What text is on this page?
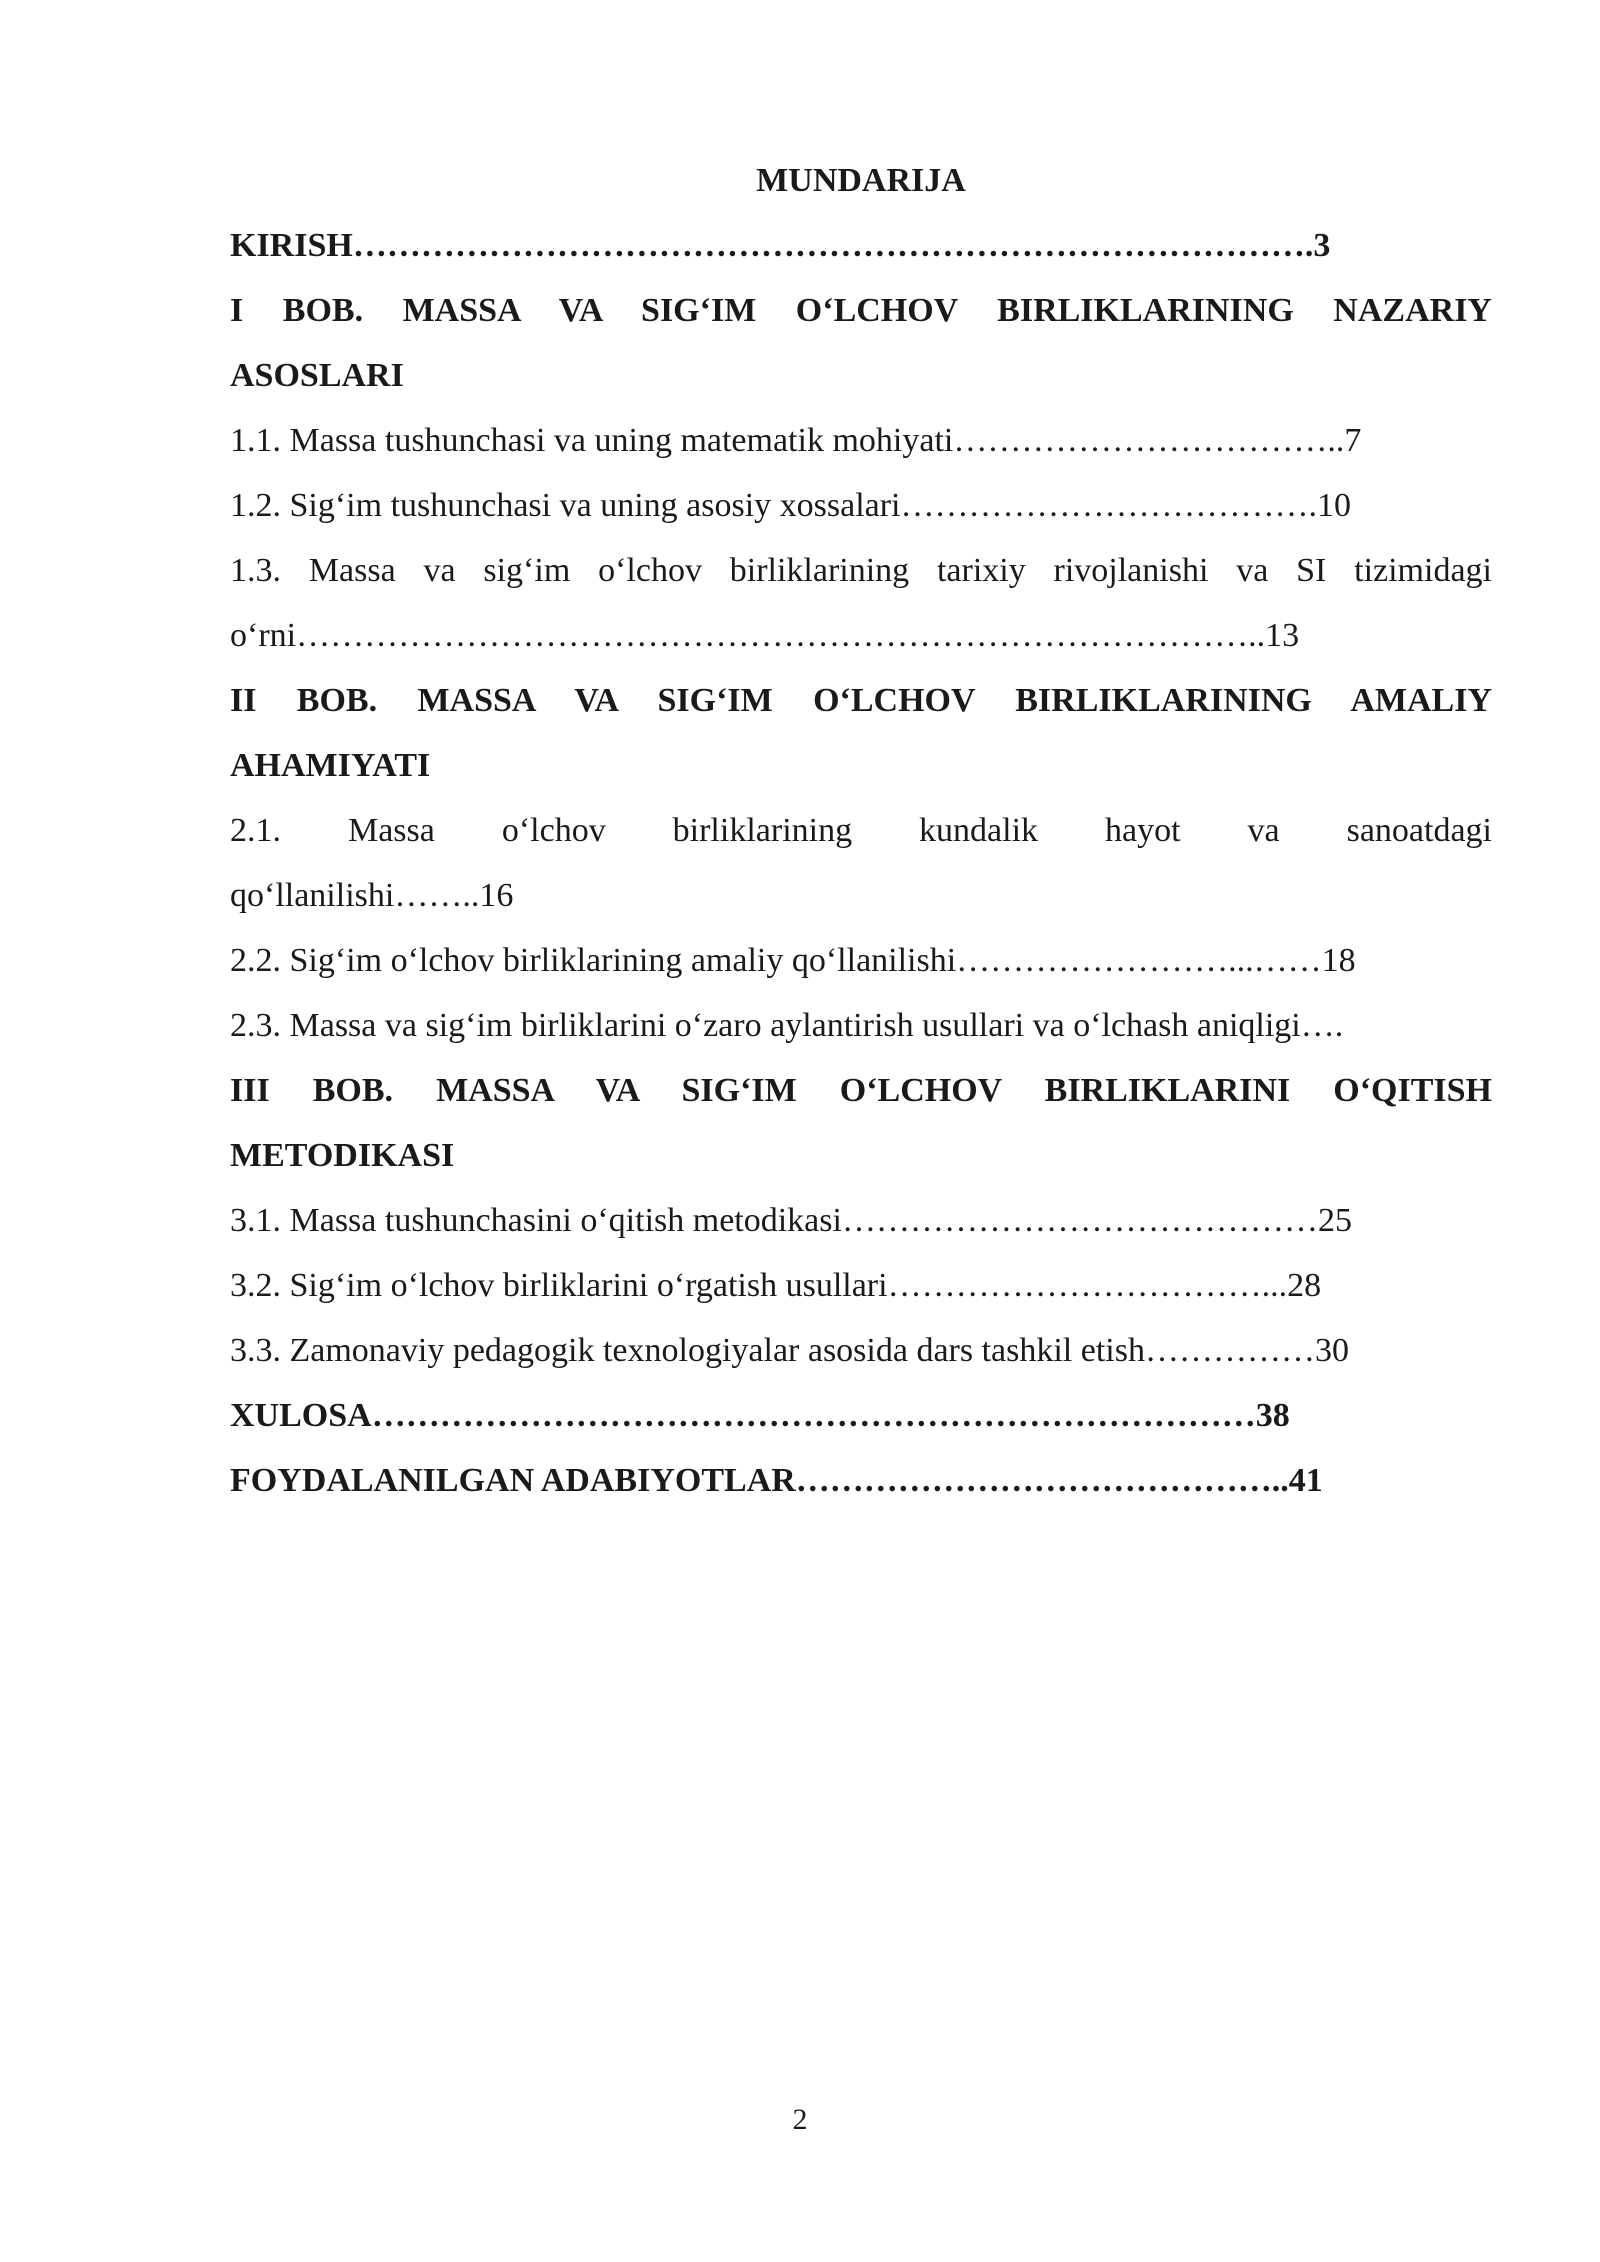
MUNDARIJA

KIRISH………………………………………………………………………….3

I BOB. MASSA VA SIG‘IM O‘LCHOV BIRLIKLARINING NAZARIY

ASOSLARI

1.1. Massa tushunchasi va uning matematik mohiyati……………………………..7

1.2. Sig‘im tushunchasi va uning asosiy xossalari……………………………….10

1.3. Massa va sig‘im o‘lchov birliklarining tarixiy rivojlanishi va SI tizimidagi

o‘rni…………………………………………………………………………..13

II BOB. MASSA VA SIG‘IM O‘LCHOV BIRLIKLARINING AMALIY

AHAMIYATI

2.1. Massa o‘lchov birliklarining kundalik hayot va sanoatdagi

qo‘llanilishi……..16

2.2. Sig‘im o‘lchov birliklarining amaliy qo‘llanilishi……………………...……18

2.3. Massa va sig‘im birliklarini o‘zaro aylantirish usullari va o‘lchash aniqligi….

III BOB. MASSA VA SIG‘IM O‘LCHOV BIRLIKLARINI O‘QITISH

METODIKASI

3.1. Massa tushunchasini o‘qitish metodikasi……………………………………25

3.2. Sig‘im o‘lchov birliklarini o‘rgatish usullari……………………………...28

3.3. Zamonaviy pedagogik texnologiyalar asosida dars tashkil etish……………30

XULOSA……………………………………………………………………38

FOYDALANILGAN ADABIYOTLAR……………………………………..41

2
